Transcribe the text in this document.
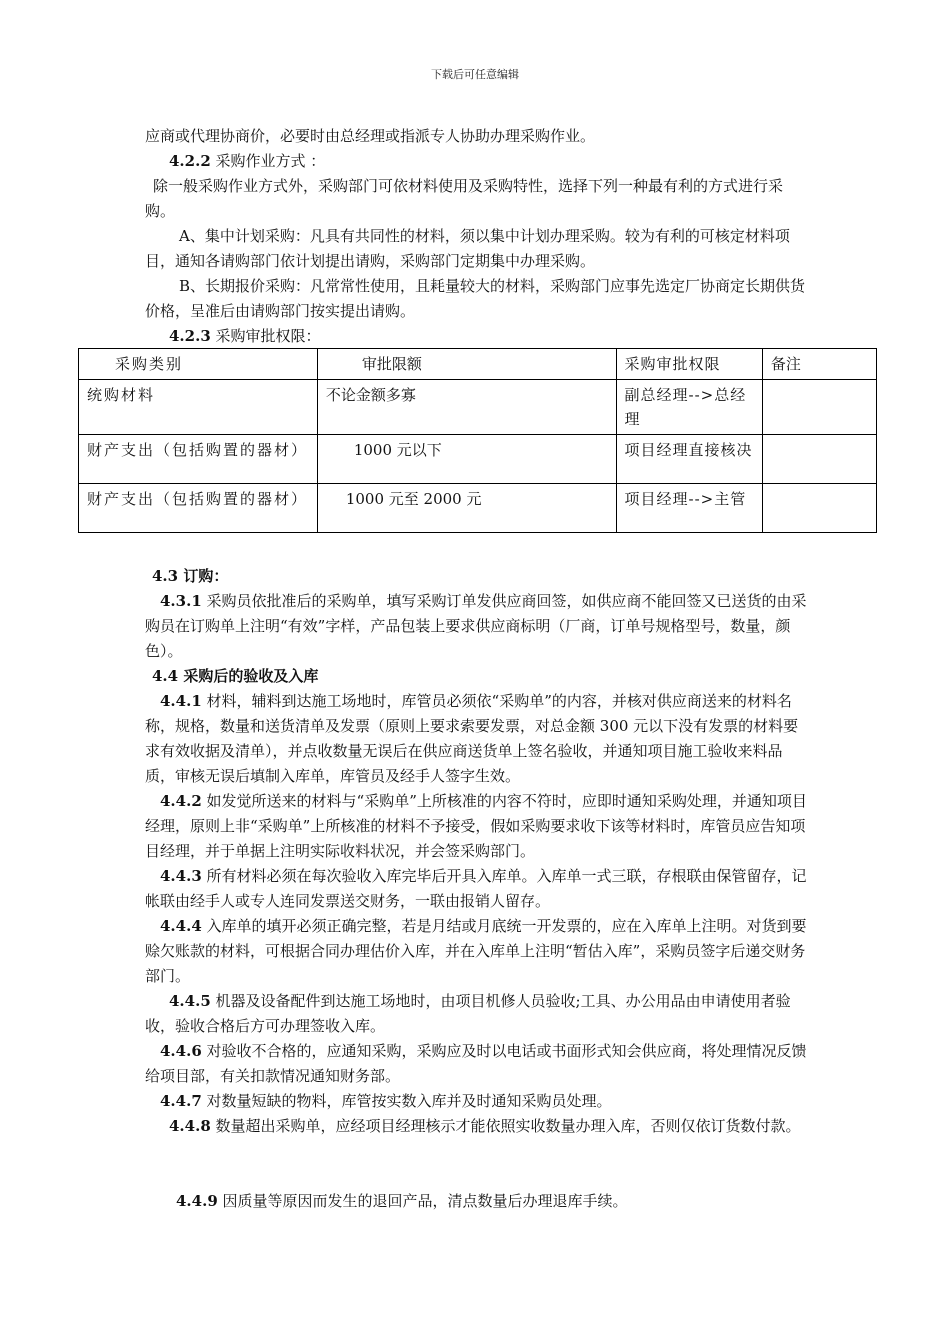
下载后可任意编辑

应商或代理协商价，必要时由总经理或指派专人协助办理采购作业。

4.2.2 采购作业方式 ：

除一般采购作业方式外，采购部门可依材料使用及采购特性，选择下列一种最有利的方式进行采购。

A、集中计划采购：凡具有共同性的材料，须以集中计划办理采购。较为有利的可核定材料项目，通知各请购部门依计划提出请购，采购部门定期集中办理采购。

B、长期报价采购：凡常常性使用，且耗量较大的材料，采购部门应事先选定厂协商定长期供货价格，呈准后由请购部门按实提出请购。

4.2.3 采购审批权限：

采购类别	审批限额	采购审批权限	备注
统购材料	不论金额多寡	副总经理-->总经理	
财产支出（包括购置的器材）	1000 元以下	项目经理直接核决	
财产支出（包括购置的器材）	1000 元至 2000 元	项目经理-->主管	

4.3 订购：

4.3.1 采购员依批准后的采购单，填写采购订单发供应商回签，如供应商不能回签又已送货的由采购员在订购单上注明“有效”字样，产品包装上要求供应商标明（厂商，订单号规格型号，数量，颜色）。

4.4 采购后的验收及入库

4.4.1 材料，辅料到达施工场地时，库管员必须依“采购单”的内容，并核对供应商送来的材料名称，规格，数量和送货清单及发票（原则上要求索要发票，对总金额 300 元以下没有发票的材料要求有效收据及清单），并点收数量无误后在供应商送货单上签名验收，并通知项目施工验收来料品质，审核无误后填制入库单，库管员及经手人签字生效。

4.4.2 如发觉所送来的材料与“采购单”上所核准的内容不符时，应即时通知采购处理，并通知项目经理，原则上非“采购单”上所核准的材料不予接受，假如采购要求收下该等材料时，库管员应告知项目经理，并于单据上注明实际收料状况，并会签采购部门。

4.4.3 所有材料必须在每次验收入库完毕后开具入库单。入库单一式三联，存根联由保管留存，记帐联由经手人或专人连同发票送交财务，一联由报销人留存。

4.4.4 入库单的填开必须正确完整，若是月结或月底统一开发票的，应在入库单上注明。对货到要赊欠账款的材料，可根据合同办理估价入库，并在入库单上注明“暂估入库”，采购员签字后递交财务部门。

4.4.5 机器及设备配件到达施工场地时，由项目机修人员验收;工具、办公用品由申请使用者验收，验收合格后方可办理签收入库。

4.4.6 对验收不合格的，应通知采购，采购应及时以电话或书面形式知会供应商，将处理情况反馈给项目部，有关扣款情况通知财务部。

4.4.7 对数量短缺的物料，库管按实数入库并及时通知采购员处理。

4.4.8 数量超出采购单，应经项目经理核示才能依照实收数量办理入库，否则仅依订货数付款。

4.4.9 因质量等原因而发生的退回产品，清点数量后办理退库手续。
